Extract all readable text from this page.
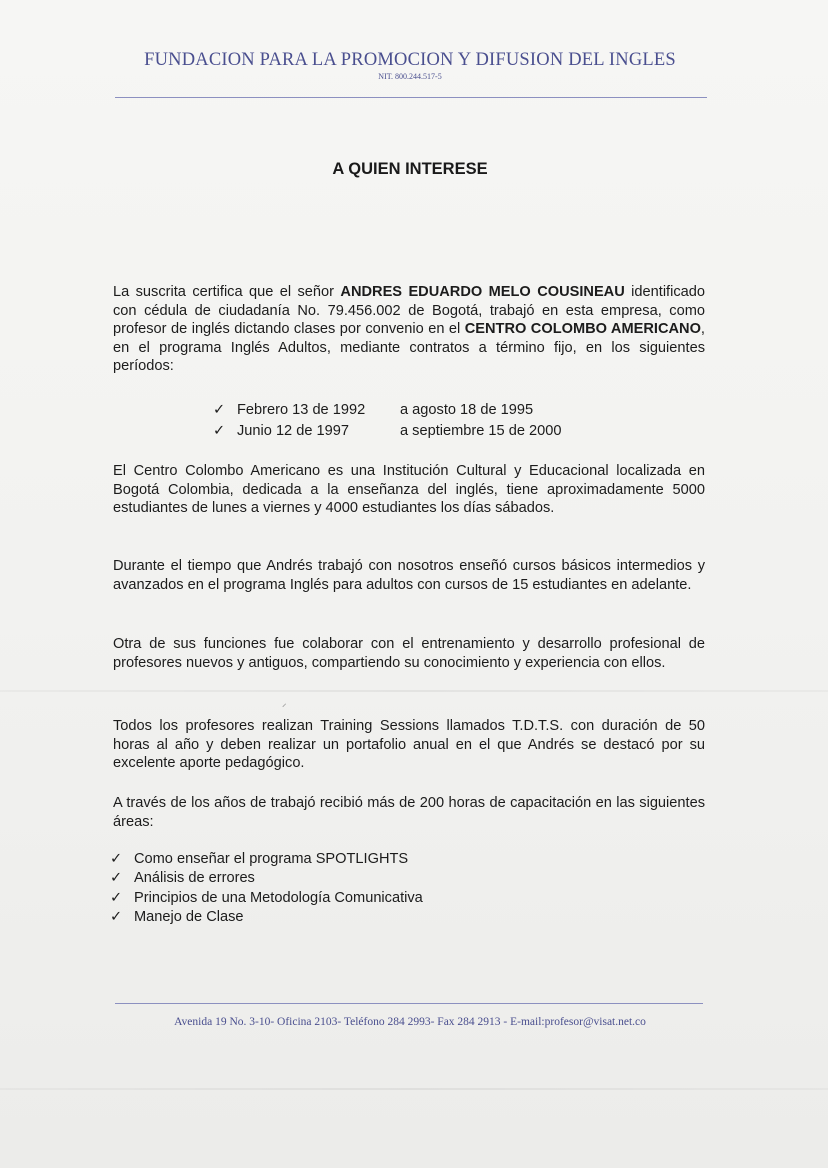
FUNDACION PARA LA PROMOCION Y DIFUSION DEL INGLES
NIT. 800.244.517-5
A QUIEN INTERESE

La suscrita certifica que el señor ANDRES EDUARDO MELO COUSINEAU identificado con cédula de ciudadanía No. 79.456.002 de Bogotá, trabajó en esta empresa, como profesor de inglés dictando clases por convenio en el CENTRO COLOMBO AMERICANO, en el programa Inglés Adultos, mediante contratos a término fijo, en los siguientes períodos:

✓ Febrero 13 de 1992 a agosto 18 de 1995
✓ Junio 12 de 1997	a septiembre 15 de 2000

El Centro Colombo Americano es una Institución Cultural y Educacional localizada en Bogotá Colombia, dedicada a la enseñanza del inglés, tiene aproximadamente 5000 estudiantes de lunes a viernes y 4000 estudiantes los días sábados.

Durante el tiempo que Andrés trabajó con nosotros enseñó cursos básicos intermedios y avanzados en el programa Inglés para adultos con cursos de 15 estudiantes en adelante.

Otra de sus funciones fue colaborar con el entrenamiento y desarrollo profesional de profesores nuevos y antiguos, compartiendo su conocimiento y experiencia con ellos.

Todos los profesores realizan Training Sessions llamados T.D.T.S. con duración de 50 horas al año y deben realizar un portafolio anual en el que Andrés se destacó por su excelente aporte pedagógico.

A través de los años de trabajó recibió más de 200 horas de capacitación en las siguientes áreas:

✓ Como enseñar el programa SPOTLIGHTS
✓ Análisis de errores
✓ Principios de una Metodología Comunicativa
✓ Manejo de Clase
Avenida 19 No. 3-10- Oficina 2103- Teléfono 284 2993- Fax 284 2913 - E-mail:profesor@visat.net.co
⸍
